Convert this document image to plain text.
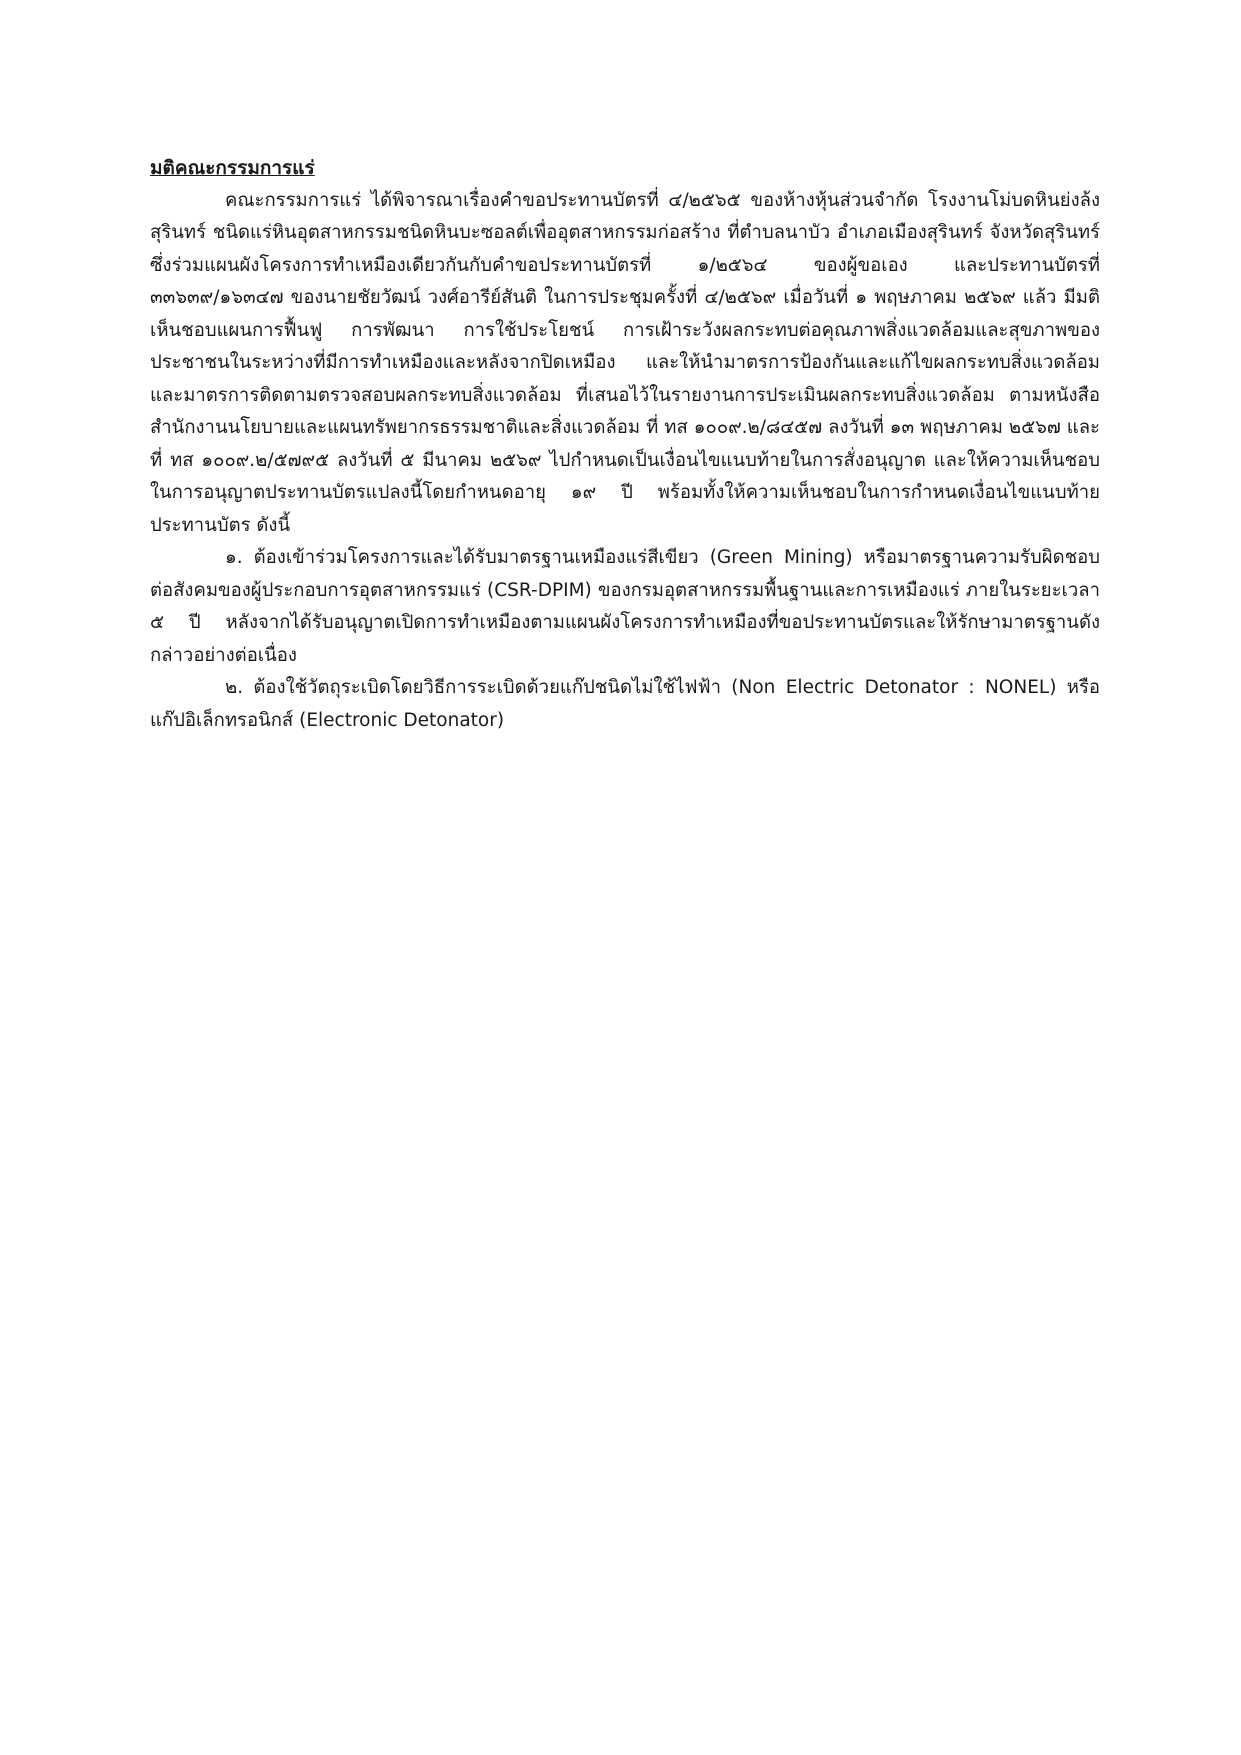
มติคณะกรรมการแร่

คณะกรรมการแร่ ได้พิจารณาเรื่องคำขอประทานบัตรที่ ๔/๒๕๖๕ ของห้างหุ้นส่วนจำกัด โรงงานโม่บดหินย่งล้ง สุรินทร์ ชนิดแร่หินอุตสาหกรรมชนิดหินบะซอลต์เพื่ออุตสาหกรรมก่อสร้าง ที่ตำบลนาบัว อำเภอเมืองสุรินทร์ จังหวัดสุรินทร์ ซึ่งร่วมแผนผังโครงการทำเหมืองเดียวกันกับคำขอประทานบัตรที่ ๑/๒๕๖๔ ของผู้ขอเอง และประทานบัตรที่ ๓๓๖๓๙/๑๖๓๔๗ ของนายชัยวัฒน์ วงศ์อารีย์สันติ ในการประชุมครั้งที่ ๔/๒๕๖๙ เมื่อวันที่ ๑ พฤษภาคม ๒๕๖๙ แล้ว มีมติเห็นชอบแผนการฟื้นฟู การพัฒนา การใช้ประโยชน์ การเฝ้าระวังผลกระทบต่อคุณภาพสิ่งแวดล้อมและสุขภาพของประชาชนในระหว่างที่มีการทำเหมืองและหลังจากปิดเหมือง และให้นำมาตรการป้องกันและแก้ไขผลกระทบสิ่งแวดล้อม และมาตรการติดตามตรวจสอบผลกระทบสิ่งแวดล้อม ที่เสนอไว้ในรายงานการประเมินผลกระทบสิ่งแวดล้อม ตามหนังสือสำนักงานนโยบายและแผนทรัพยากรธรรมชาติและสิ่งแวดล้อม ที่ ทส ๑๐๐๙.๒/๘๔๕๗ ลงวันที่ ๑๓ พฤษภาคม ๒๕๖๗ และที่ ทส ๑๐๐๙.๒/๕๗๙๕ ลงวันที่ ๕ มีนาคม ๒๕๖๙ ไปกำหนดเป็นเงื่อนไขแนบท้ายในการสั่งอนุญาต และให้ความเห็นชอบในการอนุญาตประทานบัตรแปลงนี้โดยกำหนดอายุ ๑๙ ปี พร้อมทั้งให้ความเห็นชอบในการกำหนดเงื่อนไขแนบท้ายประทานบัตร ดังนี้

๑. ต้องเข้าร่วมโครงการและได้รับมาตรฐานเหมืองแร่สีเขียว (Green Mining) หรือมาตรฐานความรับผิดชอบต่อสังคมของผู้ประกอบการอุตสาหกรรมแร่ (CSR-DPIM) ของกรมอุตสาหกรรมพื้นฐานและการเหมืองแร่ ภายในระยะเวลา ๕ ปี หลังจากได้รับอนุญาตเปิดการทำเหมืองตามแผนผังโครงการทำเหมืองที่ขอประทานบัตรและให้รักษามาตรฐานดังกล่าวอย่างต่อเนื่อง

๒. ต้องใช้วัตถุระเบิดโดยวิธีการระเบิดด้วยแก๊ปชนิดไม่ใช้ไฟฟ้า (Non Electric Detonator : NONEL) หรือแก๊ปอิเล็กทรอนิกส์ (Electronic Detonator)
